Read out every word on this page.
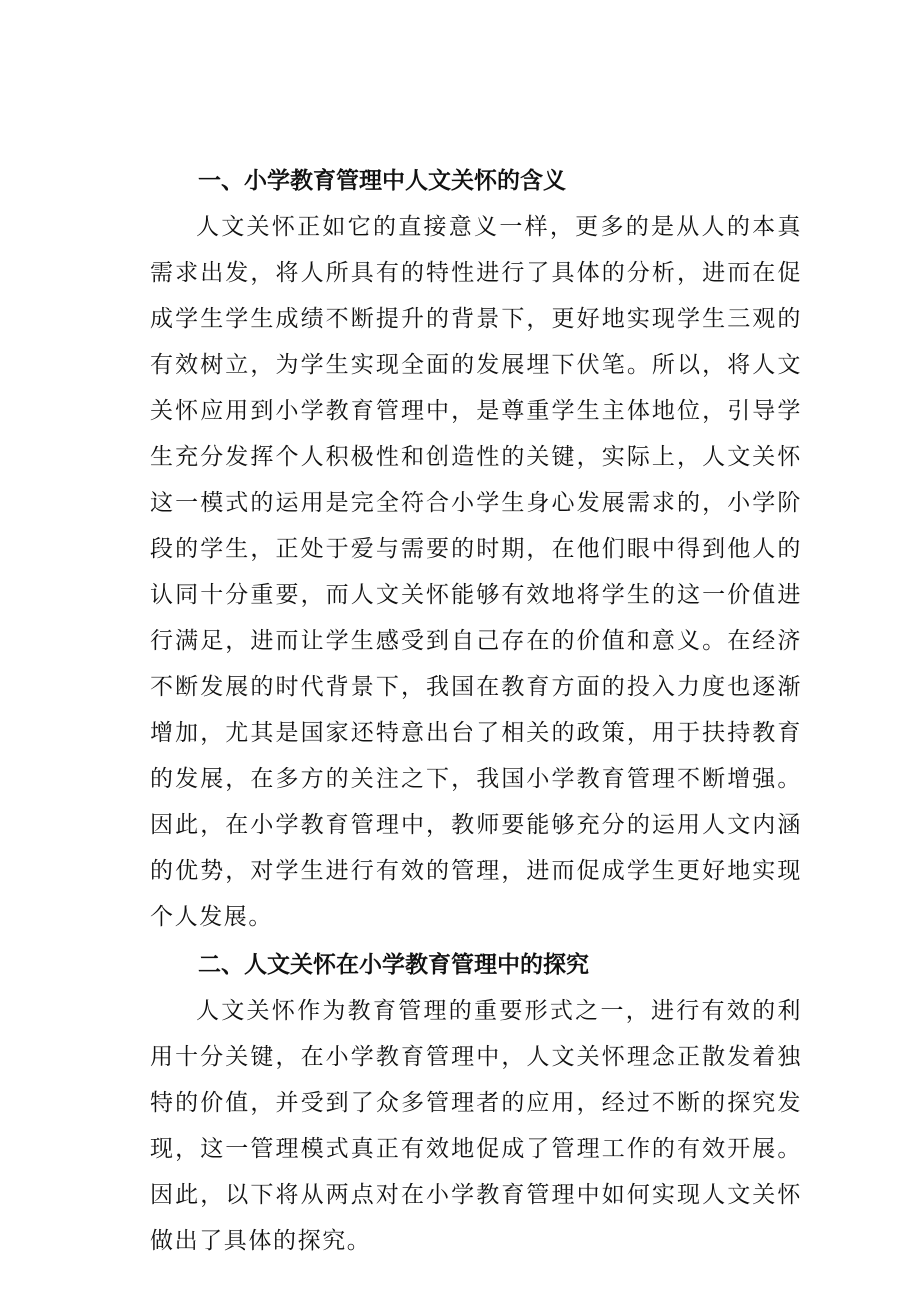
一、小学教育管理中人文关怀的含义

人文关怀正如它的直接意义一样，更多的是从人的本真需求出发，将人所具有的特性进行了具体的分析，进而在促成学生学生成绩不断提升的背景下，更好地实现学生三观的有效树立，为学生实现全面的发展埋下伏笔。所以，将人文关怀应用到小学教育管理中，是尊重学生主体地位，引导学生充分发挥个人积极性和创造性的关键，实际上，人文关怀这一模式的运用是完全符合小学生身心发展需求的，小学阶段的学生，正处于爱与需要的时期，在他们眼中得到他人的认同十分重要，而人文关怀能够有效地将学生的这一价值进行满足，进而让学生感受到自己存在的价值和意义。在经济不断发展的时代背景下，我国在教育方面的投入力度也逐渐增加，尤其是国家还特意出台了相关的政策，用于扶持教育的发展，在多方的关注之下，我国小学教育管理不断增强。因此，在小学教育管理中，教师要能够充分的运用人文内涵的优势，对学生进行有效的管理，进而促成学生更好地实现个人发展。

二、人文关怀在小学教育管理中的探究

人文关怀作为教育管理的重要形式之一，进行有效的利用十分关键，在小学教育管理中，人文关怀理念正散发着独特的价值，并受到了众多管理者的应用，经过不断的探究发现，这一管理模式真正有效地促成了管理工作的有效开展。因此，以下将从两点对在小学教育管理中如何实现人文关怀做出了具体的探究。
